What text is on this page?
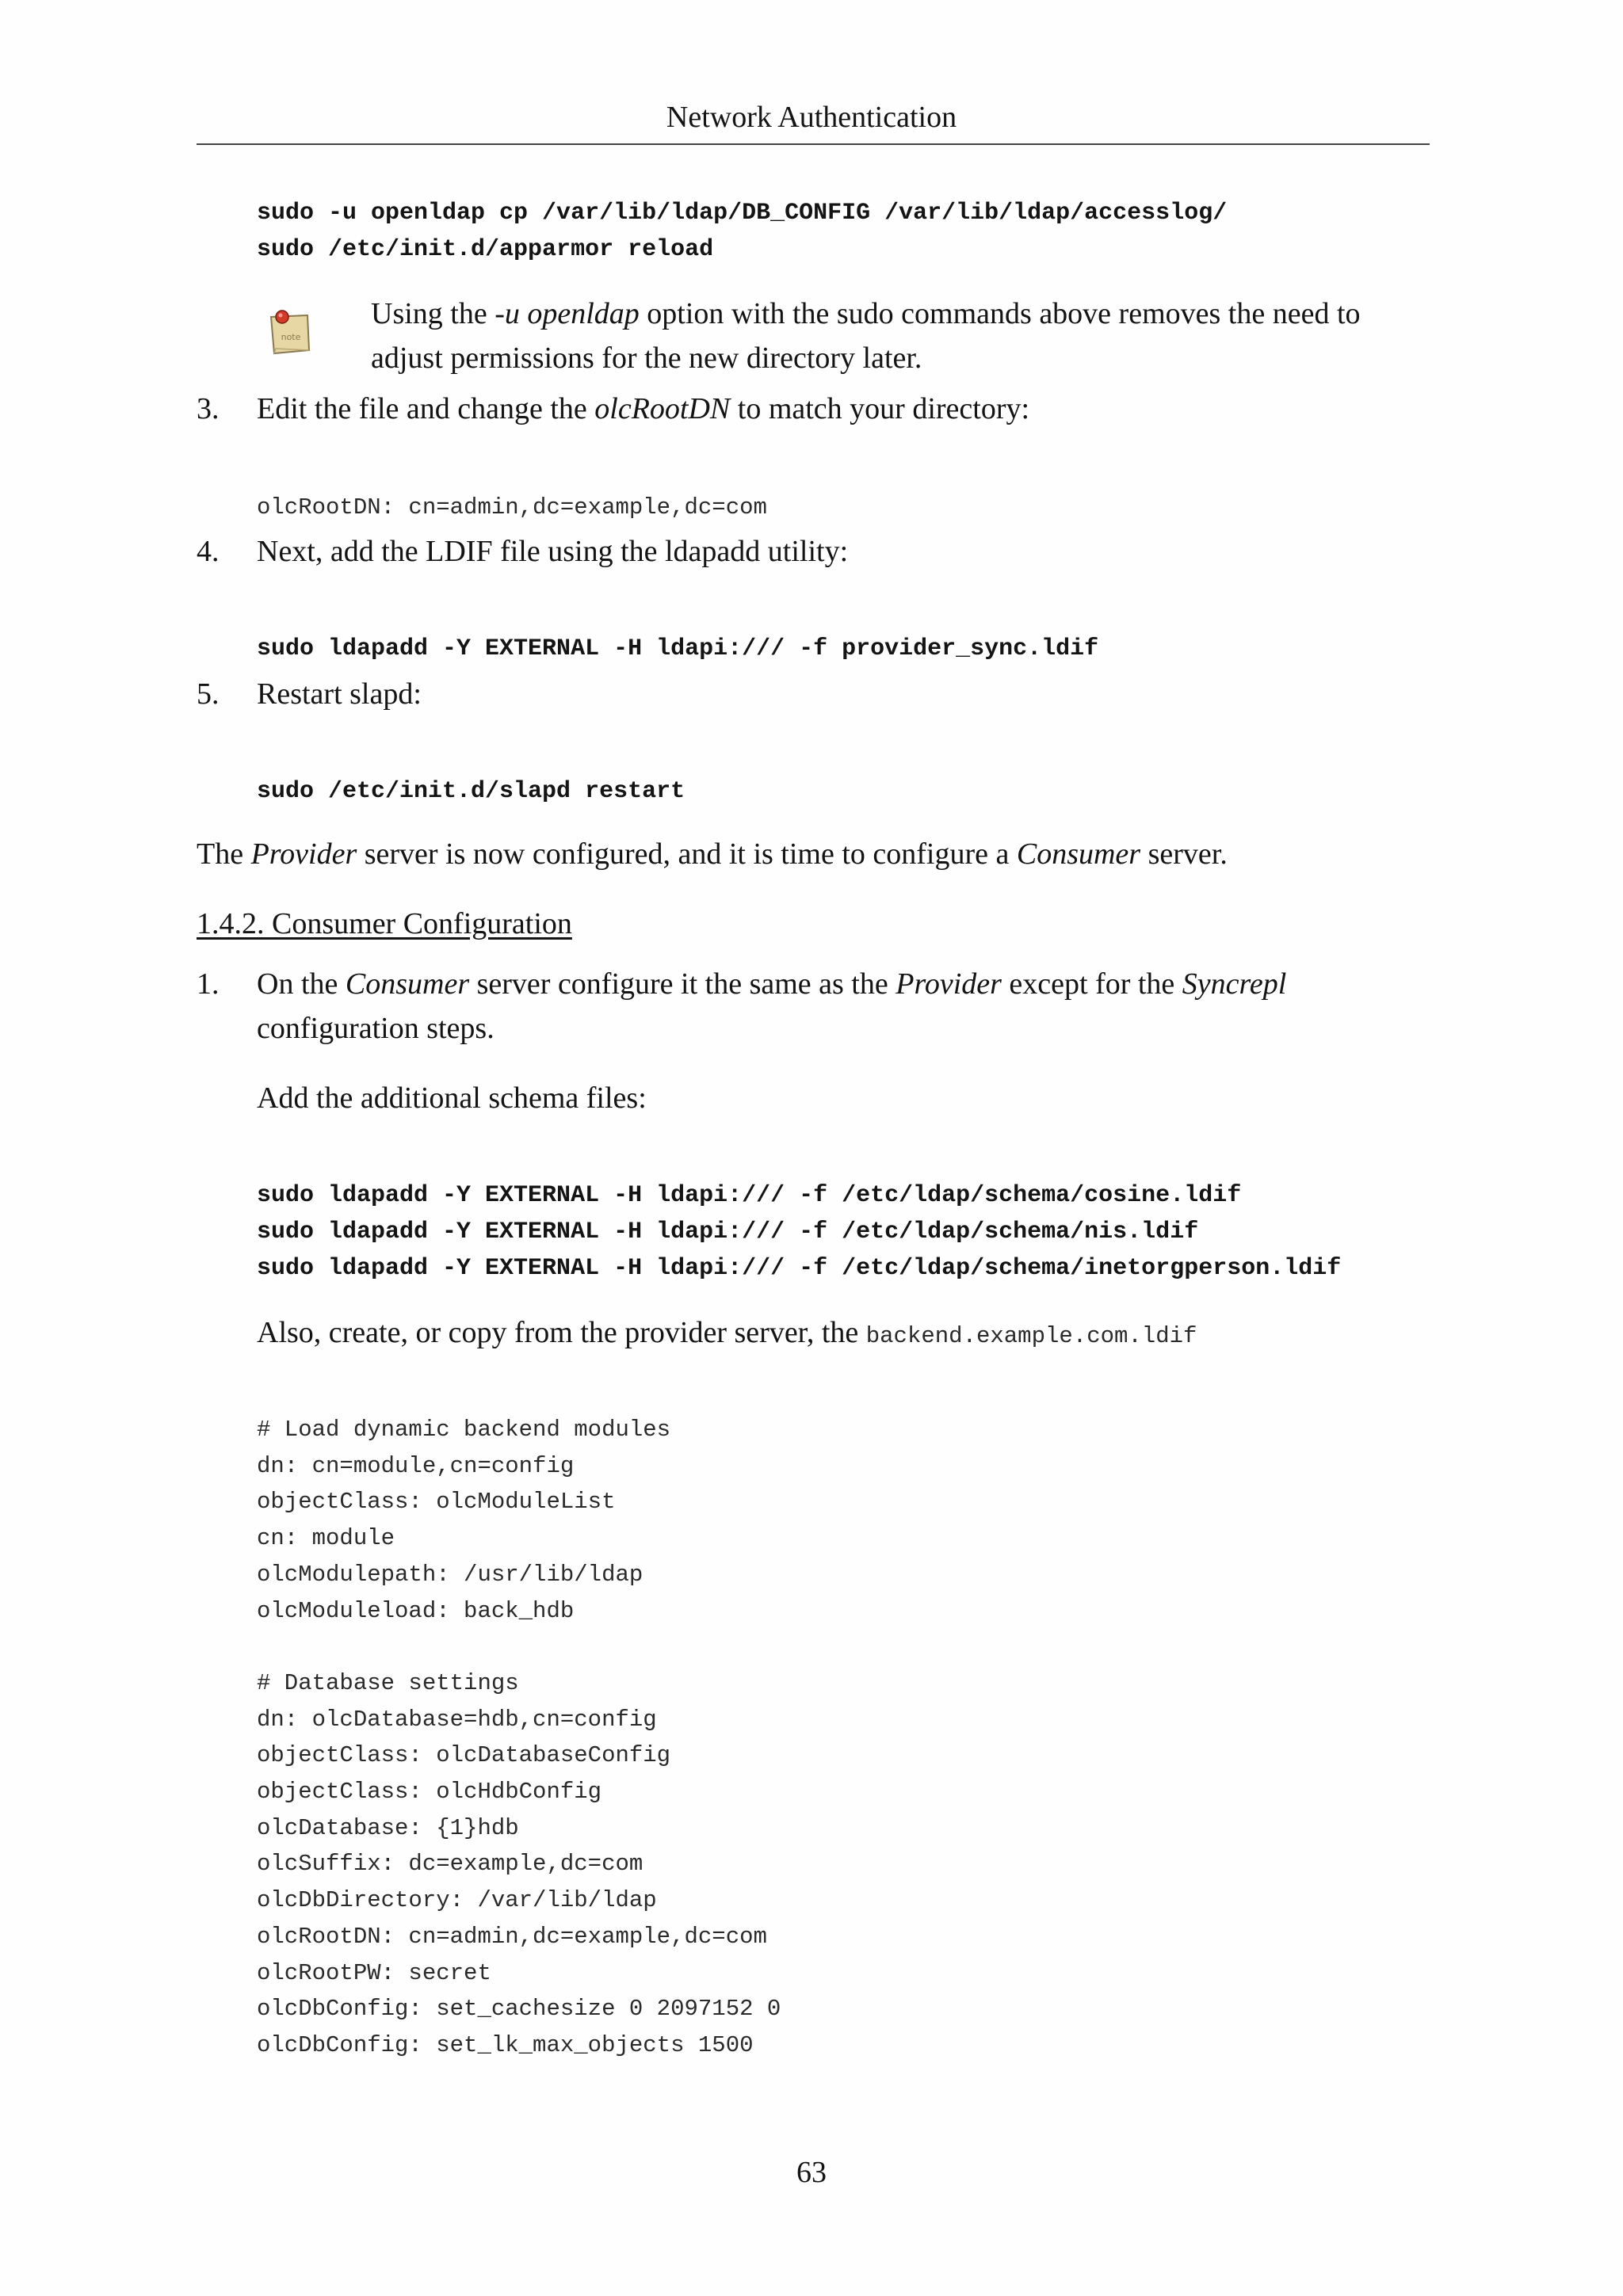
Network Authentication
sudo -u openldap cp /var/lib/ldap/DB_CONFIG /var/lib/ldap/accesslog/
sudo /etc/init.d/apparmor reload
note
Using the -u openldap option with the sudo commands above removes the need to
adjust permissions for the new directory later.
3. Edit the file and change the olcRootDN to match your directory:
olcRootDN: cn=admin,dc=example,dc=com
4. Next, add the LDIF file using the ldapadd utility:
sudo ldapadd -Y EXTERNAL -H ldapi:/// -f provider_sync.ldif
5. Restart slapd:
sudo /etc/init.d/slapd restart
The Provider server is now configured, and it is time to configure a Consumer server.
1.4.2. Consumer Configuration
1. On the Consumer server configure it the same as the Provider except for the Syncrepl
configuration steps.
Add the additional schema files:
sudo ldapadd -Y EXTERNAL -H ldapi:/// -f /etc/ldap/schema/cosine.ldif
sudo ldapadd -Y EXTERNAL -H ldapi:/// -f /etc/ldap/schema/nis.ldif
sudo ldapadd -Y EXTERNAL -H ldapi:/// -f /etc/ldap/schema/inetorgperson.ldif
Also, create, or copy from the provider server, the backend.example.com.ldif
# Load dynamic backend modules
dn: cn=module,cn=config
objectClass: olcModuleList
cn: module
olcModulepath: /usr/lib/ldap
olcModuleload: back_hdb

# Database settings
dn: olcDatabase=hdb,cn=config
objectClass: olcDatabaseConfig
objectClass: olcHdbConfig
olcDatabase: {1}hdb
olcSuffix: dc=example,dc=com
olcDbDirectory: /var/lib/ldap
olcRootDN: cn=admin,dc=example,dc=com
olcRootPW: secret
olcDbConfig: set_cachesize 0 2097152 0
olcDbConfig: set_lk_max_objects 1500
63
